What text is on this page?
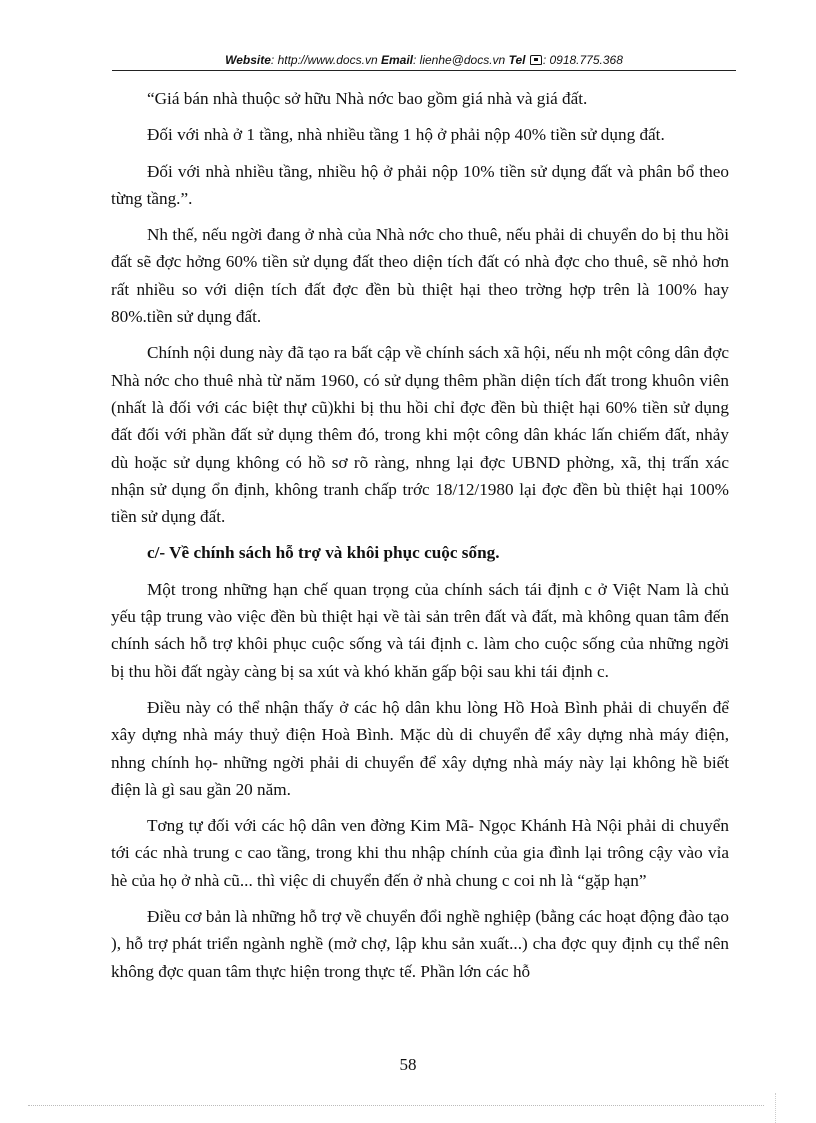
Website: http://www.docs.vn Email: lienhe@docs.vn Tel : 0918.775.368

“Giá bán nhà thuộc sở hữu Nhà nớc bao gồm giá nhà và giá đất.

Đối với nhà ở 1 tầng, nhà nhiều tầng 1 hộ ở phải nộp 40% tiền sử dụng đất.

Đối với nhà nhiều tầng, nhiều hộ ở phải nộp 10% tiền sử dụng đất và phân bổ theo từng tầng.”.

Nh thế, nếu ngời đang ở nhà của Nhà nớc cho thuê, nếu phải di chuyển do bị thu hồi đất sẽ đợc hởng 60% tiền sử dụng đất theo diện tích đất có nhà đợc cho thuê, sẽ nhỏ hơn rất nhiều so với diện tích đất đợc đền bù thiệt hại theo trờng hợp trên là 100% hay 80%.tiền sử dụng đất.

Chính nội dung này đã tạo ra bất cập về chính sách xã hội, nếu nh một công dân đợc Nhà nớc cho thuê nhà từ năm 1960, có sử dụng thêm phần diện tích đất trong khuôn viên (nhất là đối với các biệt thự cũ)khi bị thu hồi chỉ đợc đền bù thiệt hại 60% tiền sử dụng đất đối với phần đất sử dụng thêm đó, trong khi một công dân khác lấn chiếm đất, nhảy dù hoặc sử dụng không có hồ sơ rõ ràng, nhng lại đợc UBND phờng, xã, thị trấn xác nhận sử dụng ổn định, không tranh chấp trớc 18/12/1980 lại đợc đền bù thiệt hại 100% tiền sử dụng đất.

c/- Về chính sách hỗ trợ và khôi phục cuộc sống.

Một trong những hạn chế quan trọng của chính sách tái định c ở Việt Nam là chủ yếu tập trung vào việc đền bù thiệt hại về tài sản trên đất và đất, mà không quan tâm đến chính sách hỗ trợ khôi phục cuộc sống và tái định c. làm cho cuộc sống của những ngời bị thu hồi đất ngày càng bị sa xút và khó khăn gấp bội sau khi tái định c.

Điều này có thể nhận thấy ở các hộ dân khu lòng Hồ Hoà Bình phải di chuyển để xây dựng nhà máy thuỷ điện Hoà Bình. Mặc dù di chuyển để xây dựng nhà máy điện, nhng chính họ- những ngời phải di chuyển để xây dựng nhà máy này lại không hề biết điện là gì sau gần 20 năm.

Tơng tự đối với các hộ dân ven đờng Kim Mã- Ngọc Khánh Hà Nội phải di chuyển tới các nhà trung c cao tầng, trong khi thu nhập chính của gia đình lại trông cậy vào vỉa hè của họ ở nhà cũ... thì việc di chuyển đến ở nhà chung c coi nh là “gặp hạn”

Điều cơ bản là những hỗ trợ về chuyển đổi nghề nghiệp (bằng các hoạt động đào tạo ), hỗ trợ phát triển ngành nghề (mở chợ, lập khu sản xuất...) cha đợc quy định cụ thể nên không đợc quan tâm thực hiện trong thực tế. Phần lớn các hỗ

58
